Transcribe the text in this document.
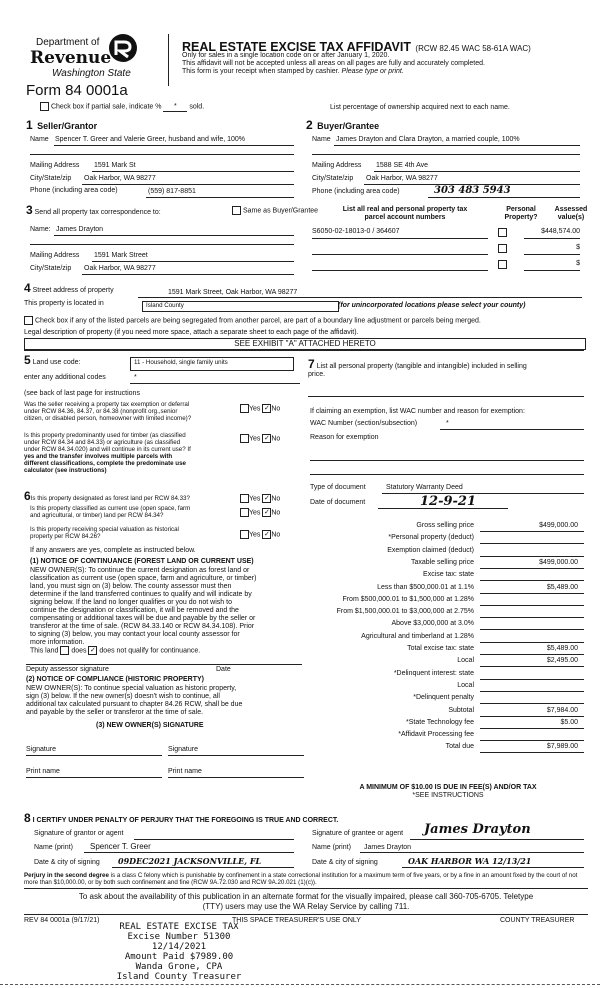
Department of
Revenue
Washington State
Form 84 0001a
REAL ESTATE EXCISE TAX AFFIDAVIT (RCW 82.45 WAC 58-61A WAC)
Only for sales in a single location code on or after January 1, 2020.
This affidavit will not be accepted unless all areas on all pages are fully and accurately completed.
This form is your receipt when stamped by cashier. Please type or print.
Check box if partial sale, indicate % * sold.	List percentage of ownership acquired next to each name.
1 Seller/Grantor
Name Spencer T. Greer and Valerie Greer, husband and wife, 100%
Mailing Address 1591 Mark St
City/State/zip Oak Harbor, WA 98277
Phone (including area code)	(559) 817-8851
2 Buyer/Grantee
Name James Drayton and Clara Drayton, a married couple, 100%
Mailing Address 1588 SE 4th Ave
City/State/zip Oak Harbor, WA 98277
Phone (including area code)	303 483 5943
3 Send all property tax correspondence to:	Same as Buyer/Grantee
Name: James Drayton
Mailing Address 1591 Mark Street
City/State/zip Oak Harbor, WA 98277
List all real and personal property tax
parcel account numbers
Personal
Property?
Assessed
value(s)
S6050-02-18013-0 / 364607	$448,574.00
$
$
4 Street address of property	1591 Mark Street, Oak Harbor, WA 98277
This property is located in	Island County	(for unincorporated locations please select your county)
Check box if any of the listed parcels are being segregated from another parcel, are part of a boundary line adjustment or parcels being merged.
Legal description of property (if you need more space, attach a separate sheet to each page of the affidavit).
SEE EXHIBIT "A" ATTACHED HERETO
5 Land use code:	11 - Household, single family units
enter any additional codes	*
(see back of last page for instructions
Was the seller receiving a property tax exemption or deferral
under RCW 84.36, 84.37, or 84.38 (nonprofit org.,senior
citizen, or disabled person, homeowner with limited income)?
Yes ✓ No
Is this property predominantly used for timber (as classified
under RCW 84.34 and 84.33) or agriculture (as classified
under RCW 84.34.020) and will continue in its current use? If
yes and the transfer involves multiple parcels with
different classifications, complete the predominate use
calculator (see instructions)
Yes ✓ No
7 List all personal property (tangible and intangible) included in selling
price.
If claiming an exemption, list WAC number and reason for exemption:
WAC Number (section/subsection)	*
Reason for exemption
6Is this property designated as forest land per RCW 84.33?	Yes ✓ No
Is this property classified as current use (open space, farm
and agricultural, or timber) land per RCW 84.34?	Yes ✓ No
Is this property receiving special valuation as historical
property per RCW 84.26?	Yes ✓ No
If any answers are yes, complete as instructed below.
(1) NOTICE OF CONTINUANCE (FOREST LAND OR CURRENT USE)
NEW OWNER(S): To continue the current designation as forest land or
classification as current use (open space, farm and agriculture, or timber)
land, you must sign on (3) below. The county assessor must then
determine if the land transferred continues to qualify and will indicate by
signing below. If the land no longer qualifies or you do not wish to
continue the designation or classification, it will be removed and the
compensating or additional taxes will be due and payable by the seller or
transferor at the time of sale. (RCW 84.33.140 or RCW 84.34.108). Prior
to signing (3) below, you may contact your local county assessor for
more information.
This land does ✓ does not qualify for continuance.
Deputy assessor signature	Date
(2) NOTICE OF COMPLIANCE (HISTORIC PROPERTY)
NEW OWNER(S): To continue special valuation as historic property,
sign (3) below. If the new owner(s) doesn't wish to continue, all
additional tax calculated pursuant to chapter 84.26 RCW, shall be due
and payable by the seller or transferor at the time of sale.
(3) NEW OWNER(S) SIGNATURE
Signature	Signature
Print name	Print name
Type of document	Statutory Warranty Deed
Date of document	12-9-21
Gross selling price	$499,000.00
*Personal property (deduct)
Exemption claimed (deduct)
Taxable selling price	$499,000.00
Excise tax: state
Less than $500,000.01 at 1.1%	$5,489.00
From $500,000.01 to $1,500,000 at 1.28%
From $1,500,000.01 to $3,000,000 at 2.75%
Above $3,000,000 at 3.0%
Agricultural and timberland at 1.28%
Total excise tax: state	$5,489.00
Local	$2,495.00
*Delinquent interest: state
Local
*Delinquent penalty
Subtotal	$7,984.00
*State Technology fee	$5.00
*Affidavit Processing fee
Total due	$7,989.00
A MINIMUM OF $10.00 IS DUE IN FEE(S) AND/OR TAX
*SEE INSTRUCTIONS
8 I CERTIFY UNDER PENALTY OF PERJURY THAT THE FOREGOING IS TRUE AND CORRECT.
Signature of grantor or agent
Name (print) Spencer T. Greer
Date & city of signing 09DEC2021 JACKSONVILLE, FL
Signature of grantee or agent James Drayton
Name (print) James Drayton
Date & city of signing	OAK HARBOR WA 12/13/21
Perjury in the second degree is a class C felony which is punishable by confinement in a state correctional institution for a maximum term of five years, or by a fine in an amount fixed by the court of not more than $10,000.00, or by both such confinement and fine (RCW 9A.72.030 and RCW 9A.20.021 (1)(c)).
To ask about the availability of this publication in an alternate format for the visually impaired, please call 360-705-6705. Teletype
(TTY) users may use the WA Relay Service by calling 711.
REV 84 0001a (9/17/21)	THIS SPACE TREASURER'S USE ONLY	COUNTY TREASURER
REAL ESTATE EXCISE TAX
Excise Number 51300
12/14/2021
Amount Paid $7989.00
Wanda Grone, CPA
Island County Treasurer
